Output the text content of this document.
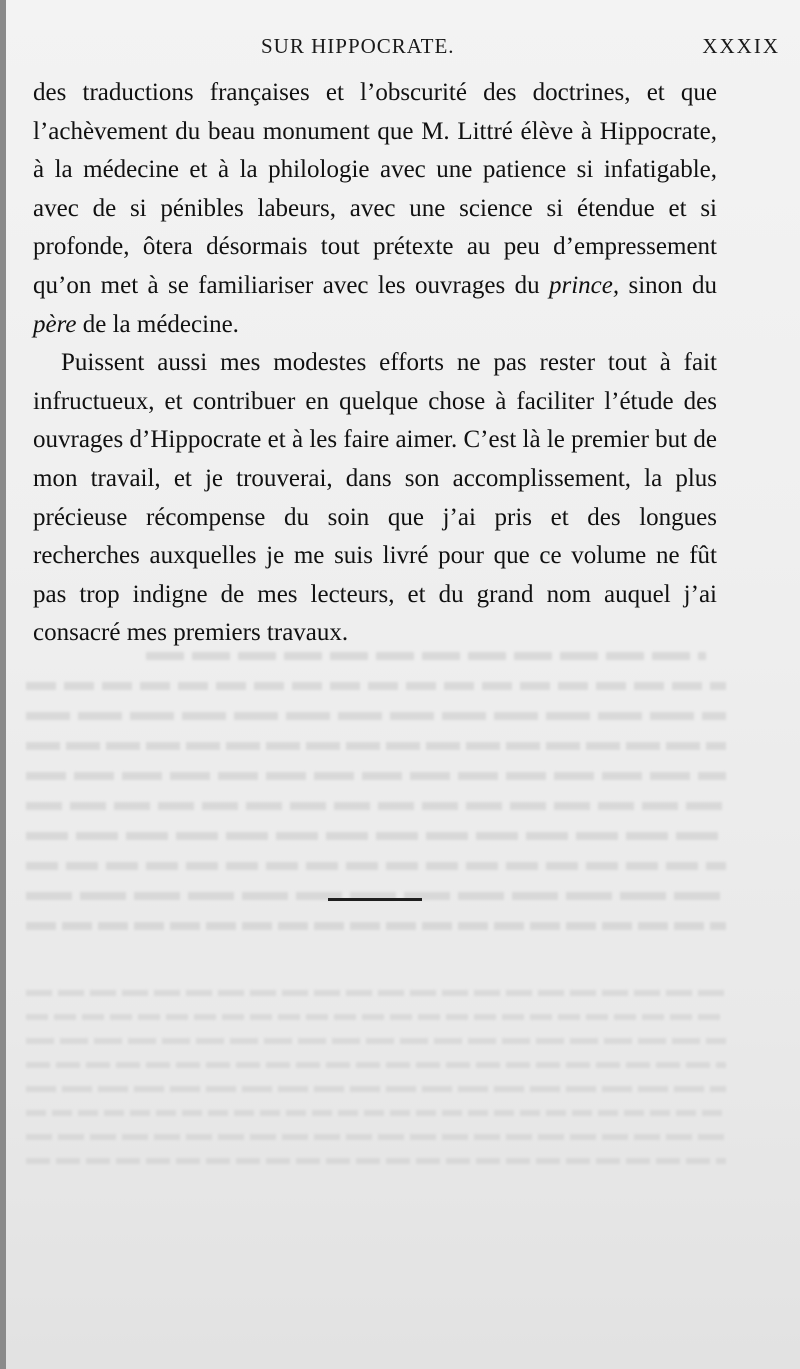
SUR HIPPOCRATE.	XXXIX

des traductions françaises et l’obscurité des doctrines, et que l’achèvement du beau monument que M. Littré élève à Hippocrate, à la médecine et à la philologie avec une patience si infatigable, avec de si pénibles labeurs, avec une science si étendue et si profonde, ôtera désormais tout prétexte au peu d’empressement qu’on met à se familiariser avec les ouvrages du prince, sinon du père de la médecine.

Puissent aussi mes modestes efforts ne pas rester tout à fait infructueux, et contribuer en quelque chose à faciliter l’étude des ouvrages d’Hippocrate et à les faire aimer. C’est là le premier but de mon travail, et je trouverai, dans son accomplissement, la plus précieuse récompense du soin que j’ai pris et des longues recherches auxquelles je me suis livré pour que ce volume ne fût pas trop indigne de mes lecteurs, et du grand nom auquel j’ai consacré mes premiers travaux.
